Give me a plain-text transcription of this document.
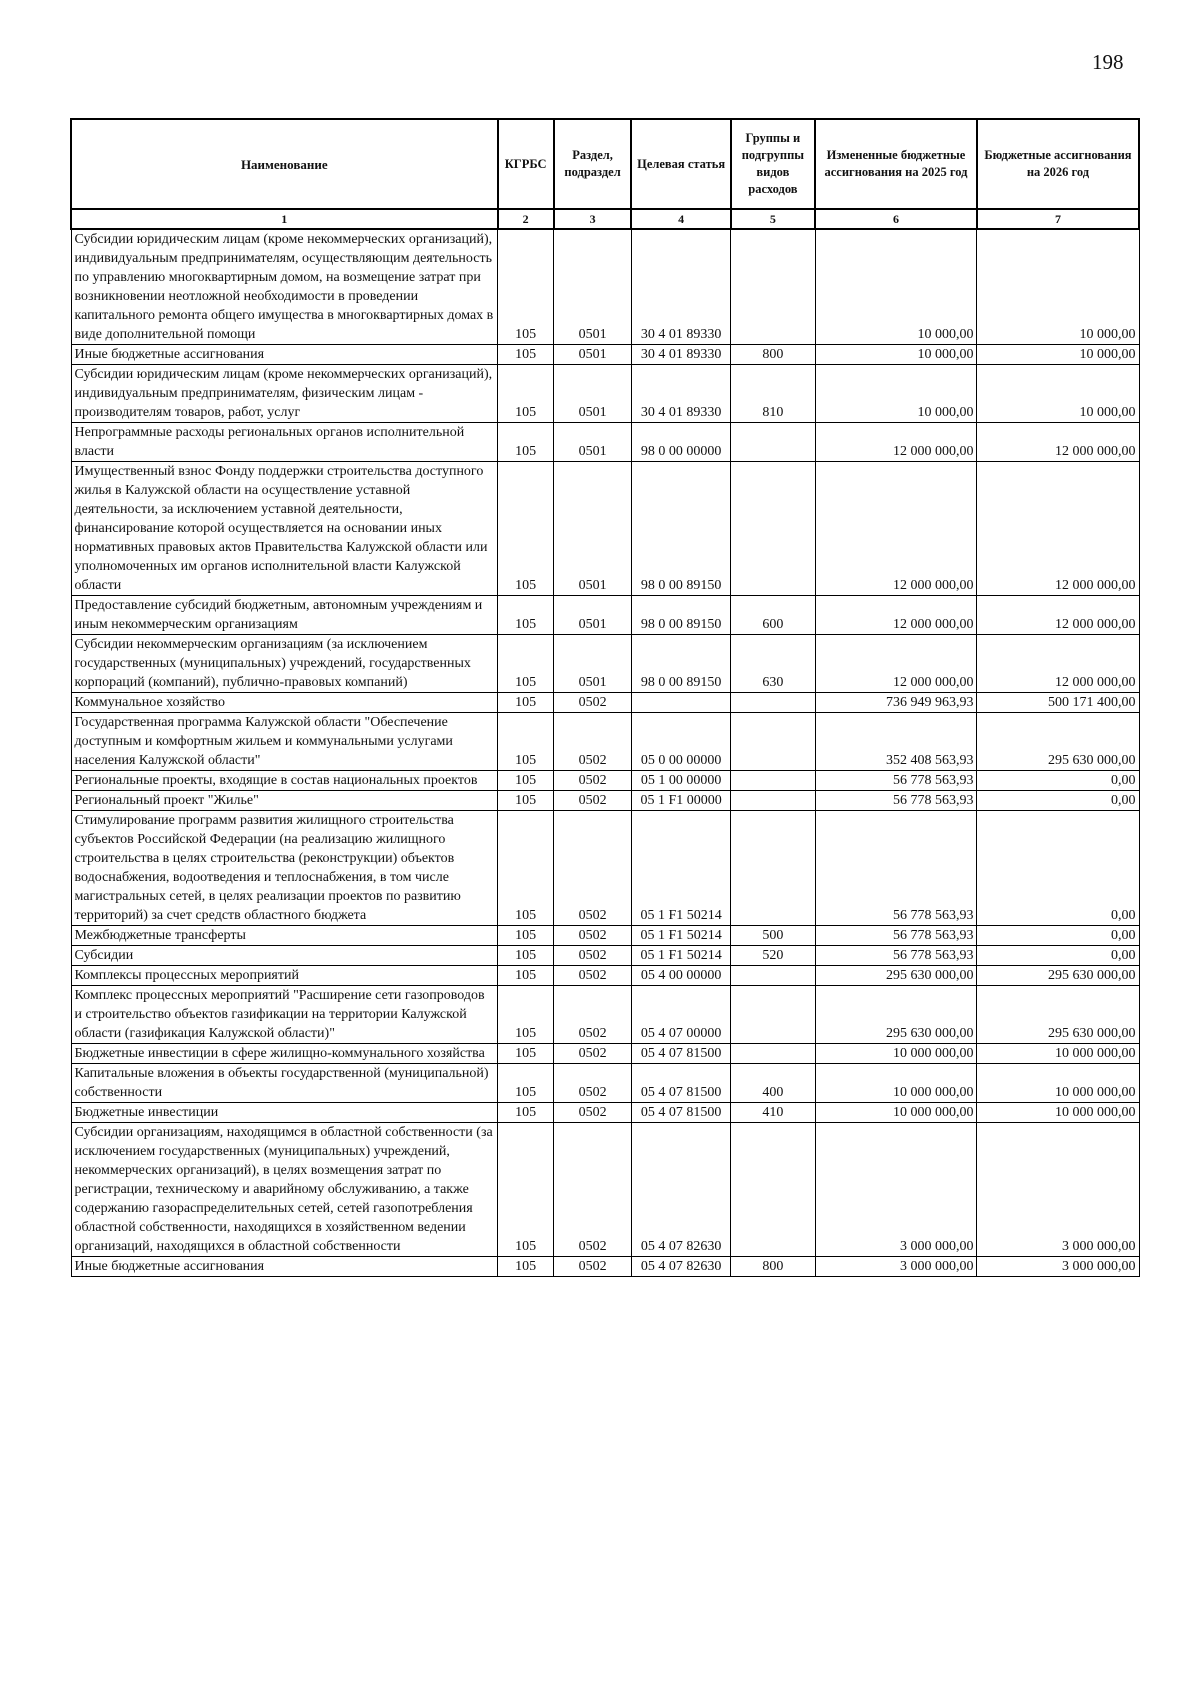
198
Наименование	КГРБС	Раздел, подраздел	Целевая статья	Группы и подгруппы видов расходов	Измененные бюджетные ассигнования на 2025 год	Бюджетные ассигнования на 2026 год
1	2	3	4	5	6	7
Субсидии юридическим лицам (кроме некоммерческих организаций), индивидуальным предпринимателям, осуществляющим деятельность по управлению многоквартирным домом, на возмещение затрат при возникновении неотложной необходимости в проведении капитального ремонта общего имущества в многоквартирных домах в виде дополнительной помощи	105	0501	30 4 01 89330		10 000,00	10 000,00
Иные бюджетные ассигнования	105	0501	30 4 01 89330	800	10 000,00	10 000,00
Субсидии юридическим лицам (кроме некоммерческих организаций), индивидуальным предпринимателям, физическим лицам - производителям товаров, работ, услуг	105	0501	30 4 01 89330	810	10 000,00	10 000,00
Непрограммные расходы региональных органов исполнительной власти	105	0501	98 0 00 00000		12 000 000,00	12 000 000,00
Имущественный взнос Фонду поддержки строительства доступного жилья в Калужской области на осуществление уставной деятельности, за исключением уставной деятельности, финансирование которой осуществляется на основании иных нормативных правовых актов Правительства Калужской области или уполномоченных им органов исполнительной власти Калужской области	105	0501	98 0 00 89150		12 000 000,00	12 000 000,00
Предоставление субсидий бюджетным, автономным учреждениям и иным некоммерческим организациям	105	0501	98 0 00 89150	600	12 000 000,00	12 000 000,00
Субсидии некоммерческим организациям (за исключением государственных (муниципальных) учреждений, государственных корпораций (компаний), публично-правовых компаний)	105	0501	98 0 00 89150	630	12 000 000,00	12 000 000,00
Коммунальное хозяйство	105	0502			736 949 963,93	500 171 400,00
Государственная программа Калужской области "Обеспечение доступным и комфортным жильем и коммунальными услугами населения Калужской области"	105	0502	05 0 00 00000		352 408 563,93	295 630 000,00
Региональные проекты, входящие в состав национальных проектов	105	0502	05 1 00 00000		56 778 563,93	0,00
Региональный проект "Жилье"	105	0502	05 1 F1 00000		56 778 563,93	0,00
Стимулирование программ развития жилищного строительства субъектов Российской Федерации (на реализацию жилищного строительства в целях строительства (реконструкции) объектов водоснабжения, водоотведения и теплоснабжения, в том числе магистральных сетей, в целях реализации проектов по развитию территорий) за счет средств областного бюджета	105	0502	05 1 F1 50214		56 778 563,93	0,00
Межбюджетные трансферты	105	0502	05 1 F1 50214	500	56 778 563,93	0,00
Субсидии	105	0502	05 1 F1 50214	520	56 778 563,93	0,00
Комплексы процессных мероприятий	105	0502	05 4 00 00000		295 630 000,00	295 630 000,00
Комплекс процессных мероприятий "Расширение сети газопроводов и строительство объектов газификации на территории Калужской области (газификация Калужской области)"	105	0502	05 4 07 00000		295 630 000,00	295 630 000,00
Бюджетные инвестиции в сфере жилищно-коммунального хозяйства	105	0502	05 4 07 81500		10 000 000,00	10 000 000,00
Капитальные вложения в объекты государственной (муниципальной) собственности	105	0502	05 4 07 81500	400	10 000 000,00	10 000 000,00
Бюджетные инвестиции	105	0502	05 4 07 81500	410	10 000 000,00	10 000 000,00
Субсидии организациям, находящимся в областной собственности (за исключением государственных (муниципальных) учреждений, некоммерческих организаций), в целях возмещения затрат по регистрации, техническому и аварийному обслуживанию, а также содержанию газораспределительных сетей, сетей газопотребления областной собственности, находящихся в хозяйственном ведении организаций, находящихся в областной собственности	105	0502	05 4 07 82630		3 000 000,00	3 000 000,00
Иные бюджетные ассигнования	105	0502	05 4 07 82630	800	3 000 000,00	3 000 000,00
